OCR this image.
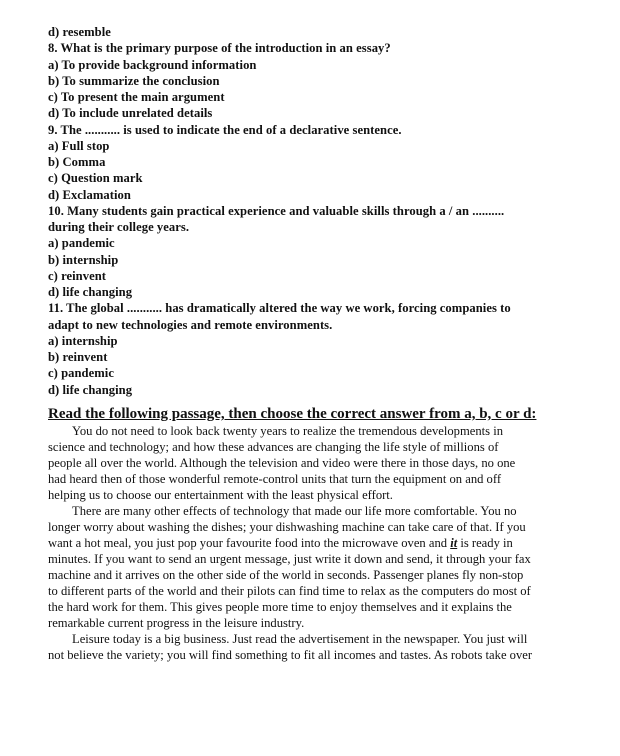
d) resemble
8. What is the primary purpose of the introduction in an essay?
a) To provide background information
b) To summarize the conclusion
c) To present the main argument
d) To include unrelated details
9. The ........... is used to indicate the end of a declarative sentence.
a) Full stop
b) Comma
c) Question mark
d) Exclamation
10. Many students gain practical experience and valuable skills through a / an ..........
during their college years.
a) pandemic
b) internship
c) reinvent
d) life changing
11. The global ........... has dramatically altered the way we work, forcing companies to
adapt to new technologies and remote environments.
a) internship
b) reinvent
c) pandemic
d) life changing
Read the following passage, then choose the correct answer from a, b, c or d:

You do not need to look back twenty years to realize the tremendous developments in
science and technology; and how these advances are changing the life style of millions of
people all over the world. Although the television and video were there in those days, no one
had heard then of those wonderful remote-control units that turn the equipment on and off
helping us to choose our entertainment with the least physical effort.

There are many other effects of technology that made our life more comfortable. You no
longer worry about washing the dishes; your dishwashing machine can take care of that. If you
want a hot meal, you just pop your favourite food into the microwave oven and it is ready in
minutes. If you want to send an urgent message, just write it down and send, it through your fax
machine and it arrives on the other side of the world in seconds. Passenger planes fly non-stop
to different parts of the world and their pilots can find time to relax as the computers do most of
the hard work for them. This gives people more time to enjoy themselves and it explains the
remarkable current progress in the leisure industry.

Leisure today is a big business. Just read the advertisement in the newspaper. You just will
not believe the variety; you will find something to fit all incomes and tastes. As robots take over
